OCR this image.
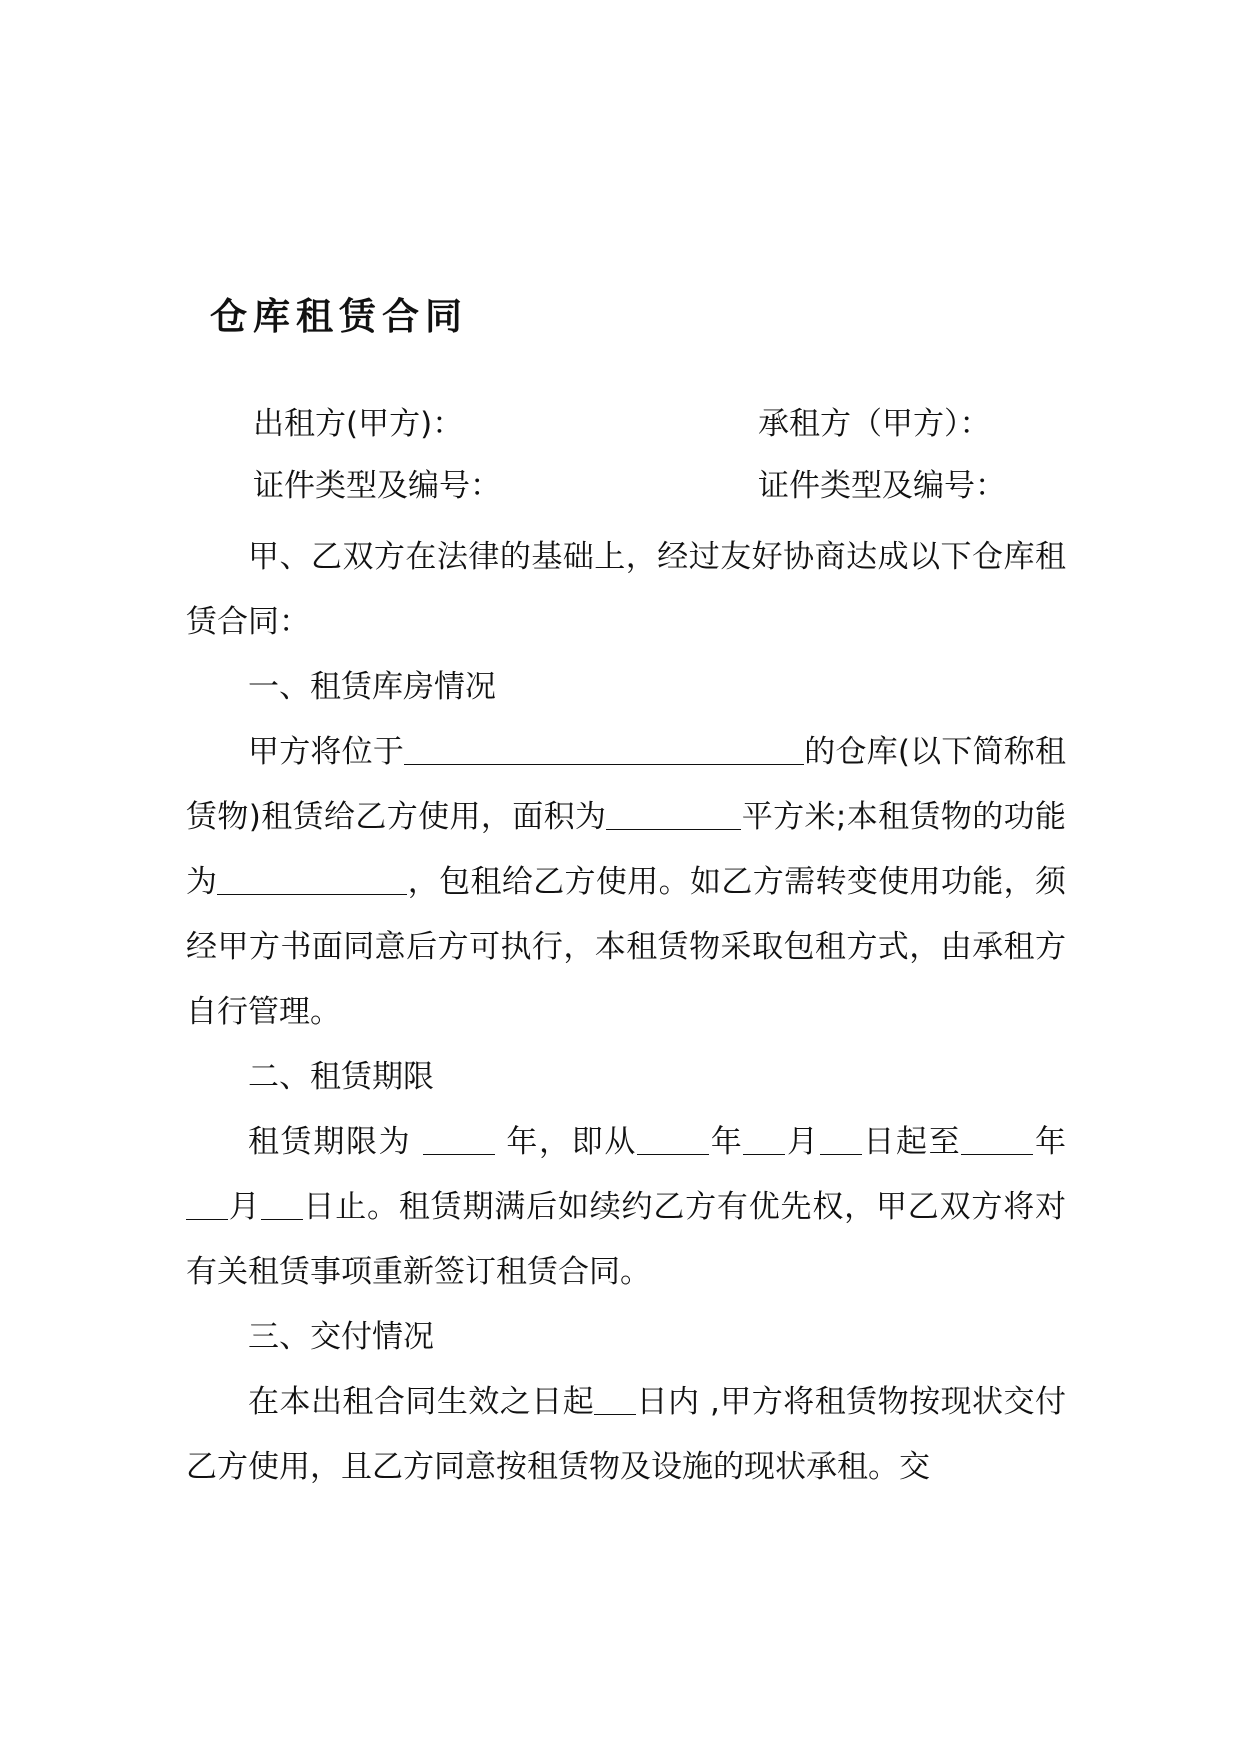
仓库租赁合同
出租方(甲方)：	承租方（甲方）：
证件类型及编号：	证件类型及编号：

甲、乙双方在法律的基础上，经过友好协商达成以下仓库租赁合同：

一、租赁库房情况

甲方将位于	的仓库(以下简称租赁物)租赁给乙方使用，面积为	平方米;本租赁物的功能为	，包租给乙方使用。如乙方需转变使用功能，须经甲方书面同意后方可执行，本租赁物采取包租方式，由承租方自行管理。

二、租赁期限

租赁期限为  年，即从 年 月 日起至 年月 日止。租赁期满后如续约乙方有优先权，甲乙双方将对有关租赁事项重新签订租赁合同。

三、交付情况

在本出租合同生效之日起 日内 ,甲方将租赁物按现状交付乙方使用，且乙方同意按租赁物及设施的现状承租。交
